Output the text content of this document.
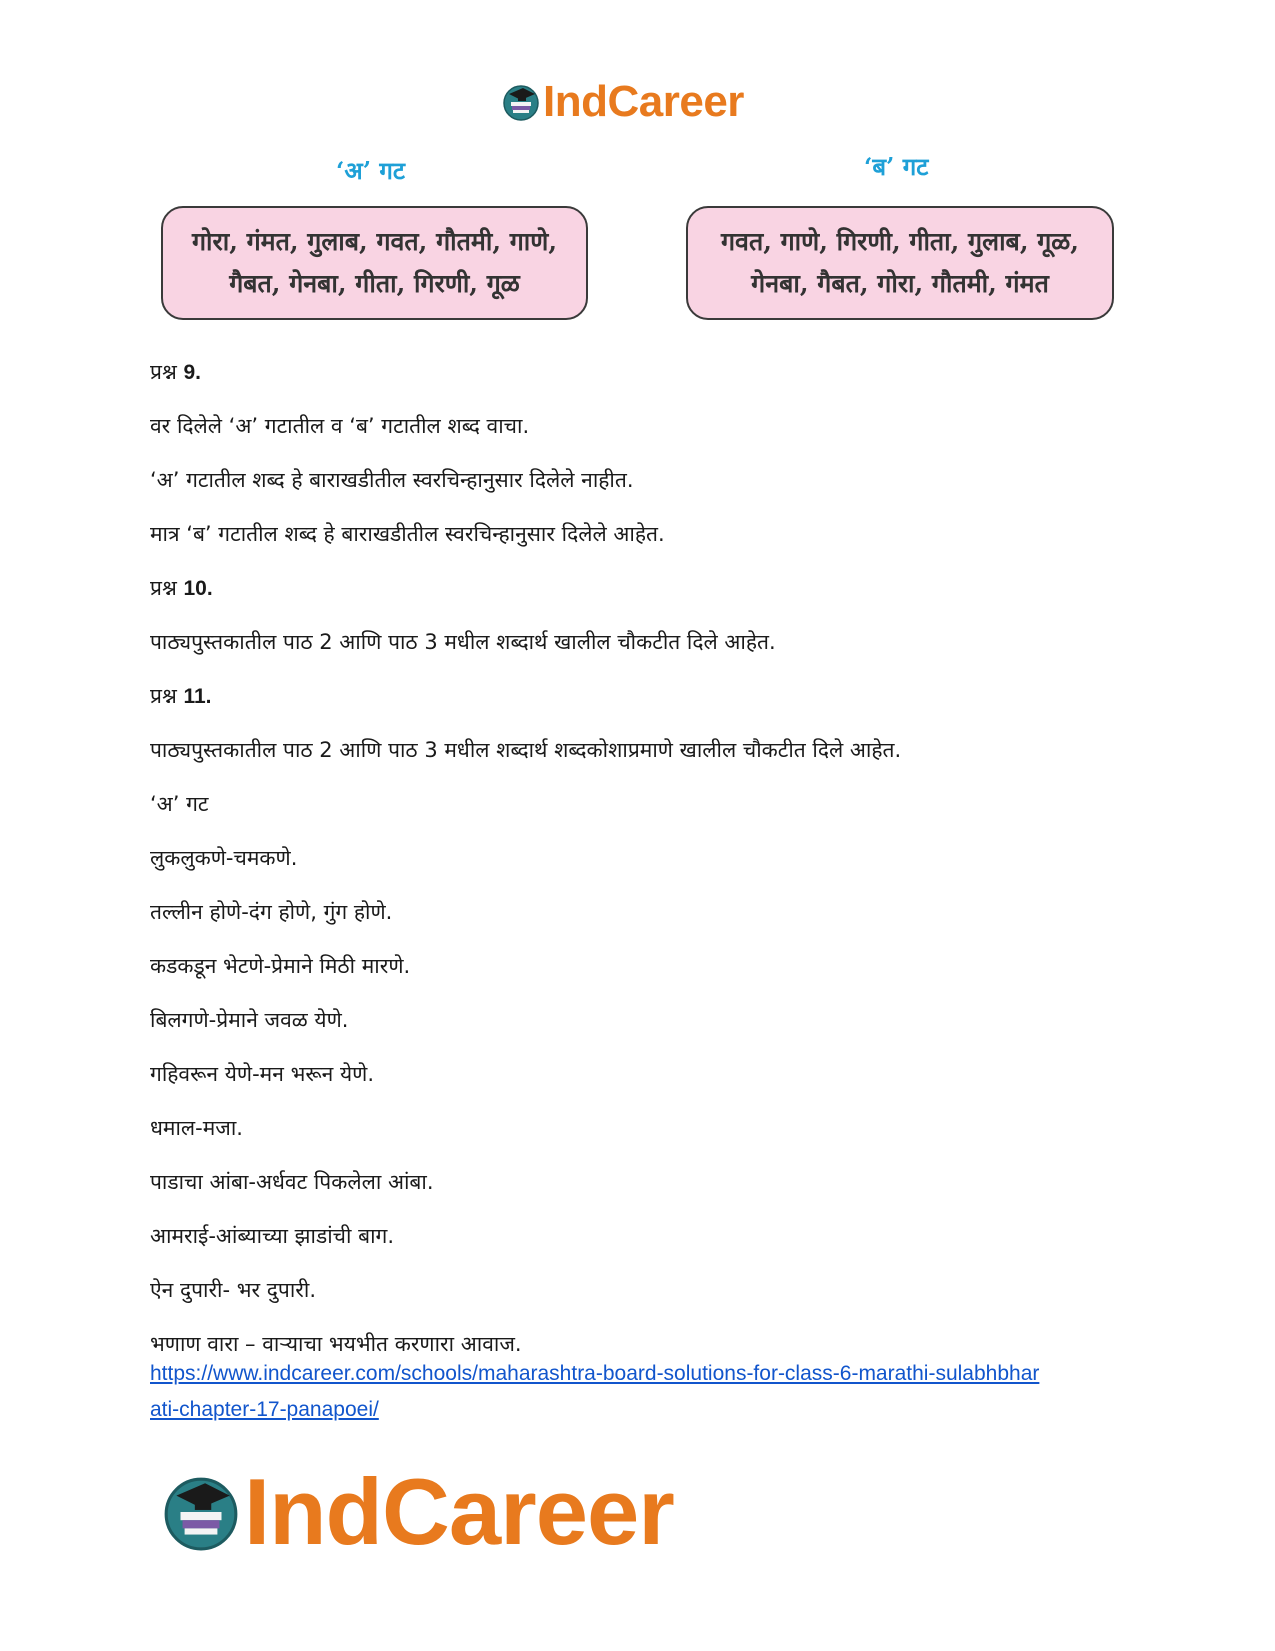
IndCareer
‘अ’ गट	‘ब’ गट
गोरा, गंमत, गुलाब, गवत, गौतमी, गाणे,
गैबत, गेनबा, गीता, गिरणी, गूळ
गवत, गाणे, गिरणी, गीता, गुलाब, गूळ,
गेनबा, गैबत, गोरा, गौतमी, गंमत
प्रश्न 9.
वर दिलेले ‘अ’ गटातील व ‘ब’ गटातील शब्द वाचा.
‘अ’ गटातील शब्द हे बाराखडीतील स्वरचिन्हानुसार दिलेले नाहीत.
मात्र ‘ब’ गटातील शब्द हे बाराखडीतील स्वरचिन्हानुसार दिलेले आहेत.
प्रश्न 10.
पाठ्यपुस्तकातील पाठ 2 आणि पाठ 3 मधील शब्दार्थ खालील चौकटीत दिले आहेत.
प्रश्न 11.
पाठ्यपुस्तकातील पाठ 2 आणि पाठ 3 मधील शब्दार्थ शब्दकोशाप्रमाणे खालील चौकटीत दिले आहेत.
‘अ’ गट
लुकलुकणे-चमकणे.
तल्लीन होणे-दंग होणे, गुंग होणे.
कडकडून भेटणे-प्रेमाने मिठी मारणे.
बिलगणे-प्रेमाने जवळ येणे.
गहिवरून येणे-मन भरून येणे.
धमाल-मजा.
पाडाचा आंबा-अर्धवट पिकलेला आंबा.
आमराई-आंब्याच्या झाडांची बाग.
ऐन दुपारी- भर दुपारी.
भणाण वारा – वाऱ्याचा भयभीत करणारा आवाज.
https://www.indcareer.com/schools/maharashtra-board-solutions-for-class-6-marathi-sulabhbhar
ati-chapter-17-panapoei/
IndCareer
